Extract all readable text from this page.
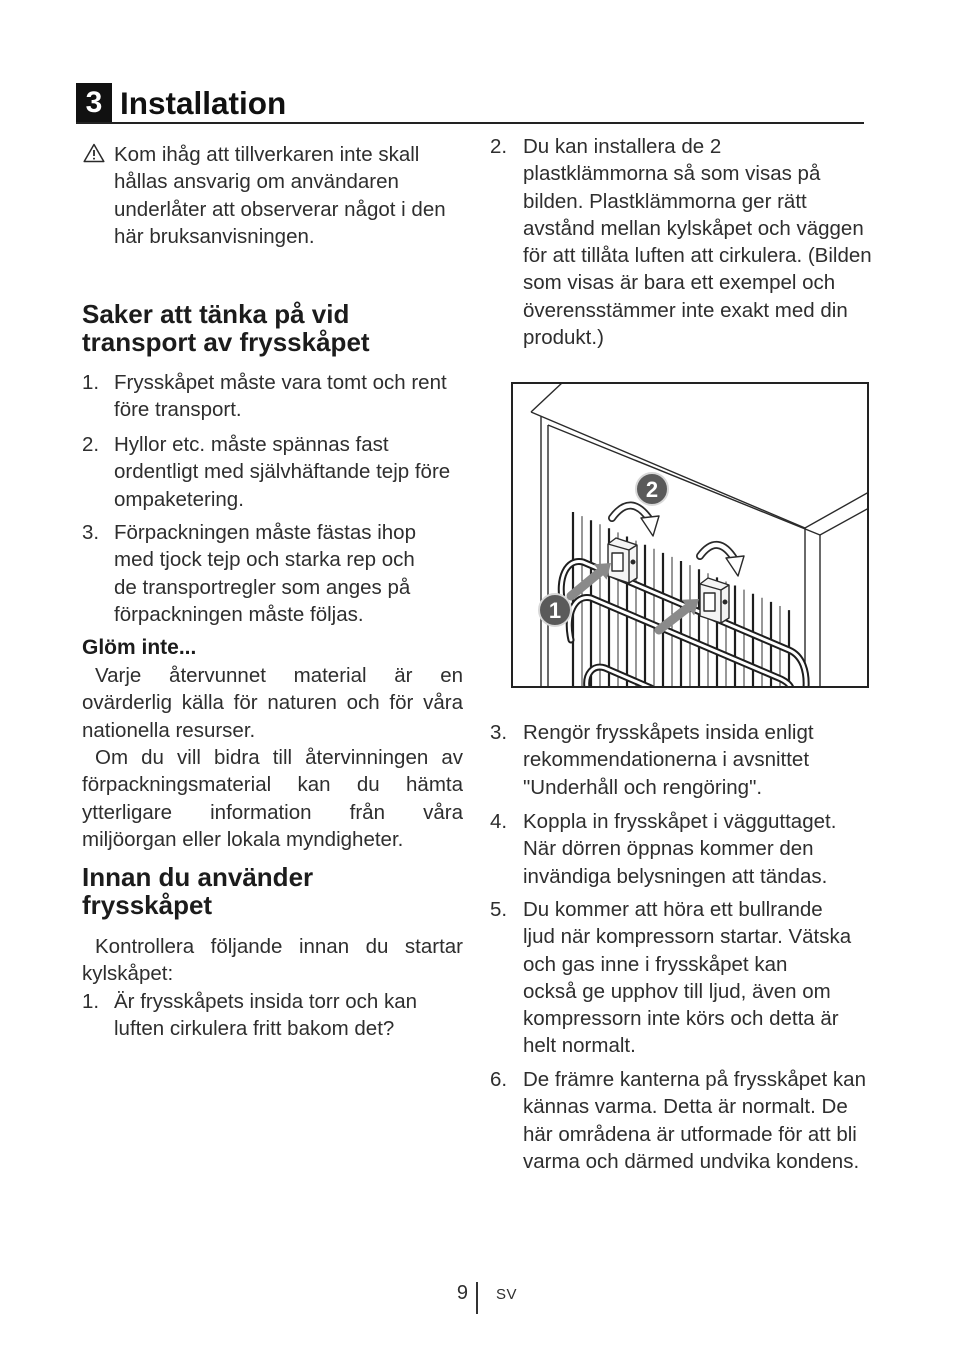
3 Installation
Kom ihåg att tillverkaren inte skall
hållas ansvarig om användaren
underlåter att observerar något i den
här bruksanvisningen.
Saker att tänka på vid
transport av frysskåpet
1. Frysskåpet måste vara tomt och rent
före transport.
2. Hyllor etc. måste spännas fast
ordentligt med självhäftande tejp före
ompaketering.
3. Förpackningen måste fästas ihop
med tjock tejp och starka rep och
de transportregler som anges på
förpackningen måste följas.
Glöm inte...
Varje återvunnet material är en
ovärderlig källa för naturen och för våra
nationella resurser.
Om du vill bidra till återvinningen av
förpackningsmaterial kan du hämta
ytterligare information från våra
miljöorgan eller lokala myndigheter.
Innan du använder
frysskåpet
Kontrollera följande innan du startar
kylskåpet:
1. Är frysskåpets insida torr och kan
luften cirkulera fritt bakom det?
2. Du kan installera de 2
plastklämmorna så som visas på
bilden. Plastklämmorna ger rätt
avstånd mellan kylskåpet och väggen
för att tillåta luften att cirkulera. (Bilden
som visas är bara ett exempel och
överensstämmer inte exakt med din
produkt.)
2
1
3. Rengör frysskåpets insida enligt
rekommendationerna i avsnittet
"Underhåll och rengöring".
4. Koppla in frysskåpet i vägguttaget.
När dörren öppnas kommer den
invändiga belysningen att tändas.
5. Du kommer att höra ett bullrande
ljud när kompressorn startar. Vätska
och gas inne i frysskåpet kan
också ge upphov till ljud, även om
kompressorn inte körs och detta är
helt normalt.
6. De främre kanterna på frysskåpet kan
kännas varma. Detta är normalt. De
här områdena är utformade för att bli
varma och därmed undvika kondens.
9 SV
